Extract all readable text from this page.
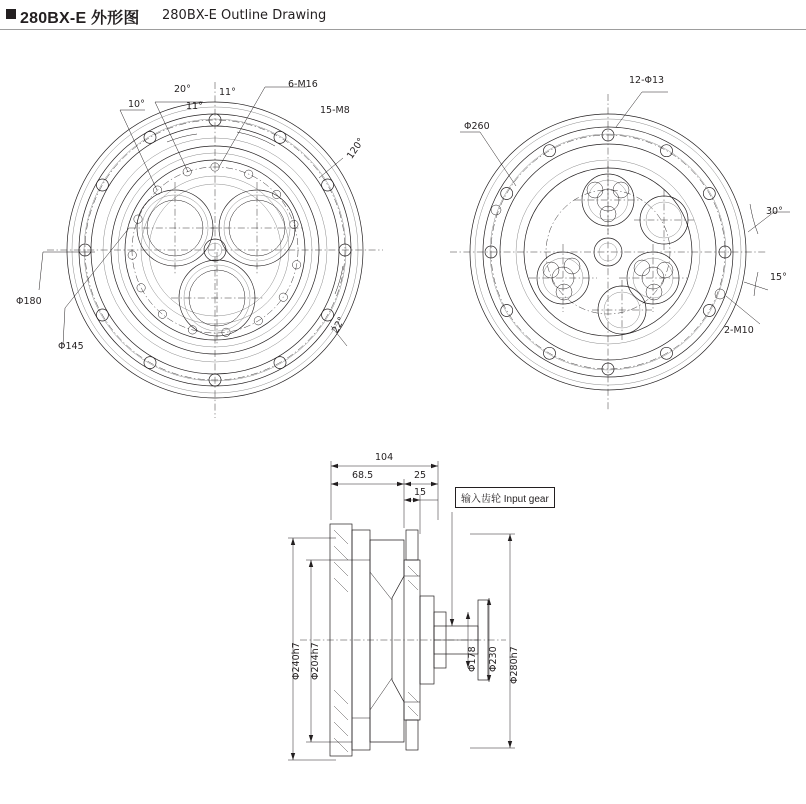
280BX-E 外形图 280BX-E Outline Drawing
10°
20°	11°
11°
6-M16
15-M8
120°
22°
Φ180
Φ145
12-Φ13
Φ260
30°
15°
2-M10
104
68.5	25
15
输入齿轮 Input gear
Φ240h7 Φ204h7	Φ178 Φ230 Φ280h7
